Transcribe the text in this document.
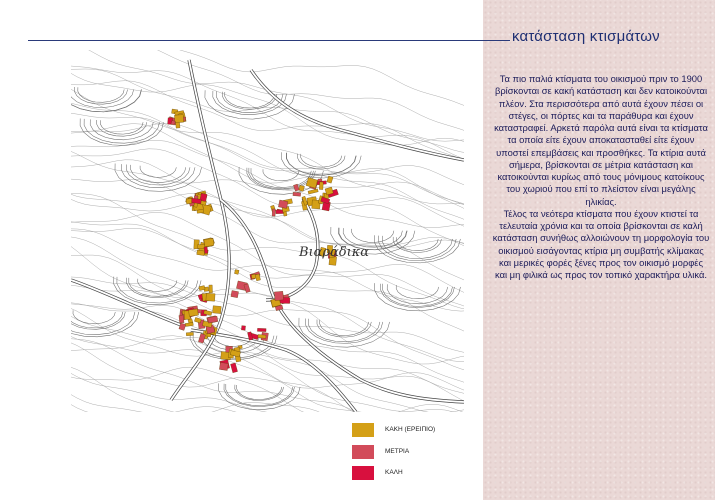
κατάσταση κτισμάτων
Βιαράδικα

Τα πιο παλιά κτίσματα του οικισμού πριν το 1900 βρίσκονται σε κακή κατάσταση και δεν κατοικούνται πλέον. Στα περισσότερα από αυτά έχουν πέσει οι στέγες, οι πόρτες και τα παράθυρα και έχουν καταστραφεί. Αρκετά παρόλα αυτά είναι τα κτίσματα τα οποία είτε έχουν αποκατασταθεί είτε έχουν υποστεί επεμβάσεις και προσθήκες. Τα κτίρια αυτά σήμερα, βρίσκονται σε μέτρια κατάσταση και κατοικούνται κυρίως από τους μόνιμους κατοίκους του χωριού που επί το πλείστον είναι μεγάλης ηλικίας.

Τέλος τα νεότερα κτίσματα που έχουν κτιστεί τα τελευταία χρόνια και τα οποία βρίσκονται σε καλή κατάσταση συνήθως αλλοιώνουν τη μορφολογία του οικισμού εισάγοντας κτίρια μη συμβατής κλίμακας και μερικές φορές ξένες προς τον οικισμό μορφές και μη φιλικά ως προς τον τοπικό χαρακτήρα υλικά.

ΚΑΚΗ (ΕΡΕΙΠΙΟ)
ΜΕΤΡΙΑ
ΚΑΛΗ
